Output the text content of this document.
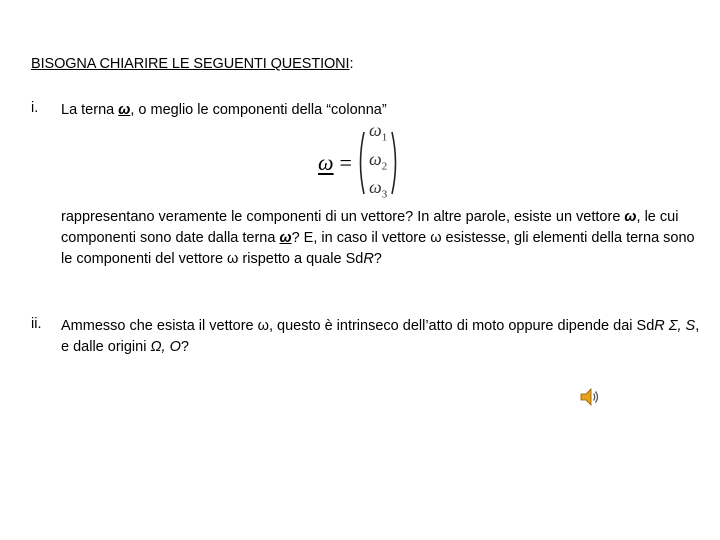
BISOGNA CHIARIRE LE SEGUENTI QUESTIONI:
i. La terna ω, o meglio le componenti della “colonna”
ω =
$\omega_1$
$\omega_2$
$\omega_3$
rappresentano veramente le componenti di un vettore? In altre parole, esiste un vettore ω, le cui componenti sono date dalla terna ω? E, in caso il vettore ω esistesse, gli elementi della terna sono le componenti del vettore ω rispetto a quale SdR?
ii. Ammesso che esista il vettore ω, questo è intrinseco dell’atto di moto oppure dipende dai SdR Σ, S, e dalle origini Ω, O?
